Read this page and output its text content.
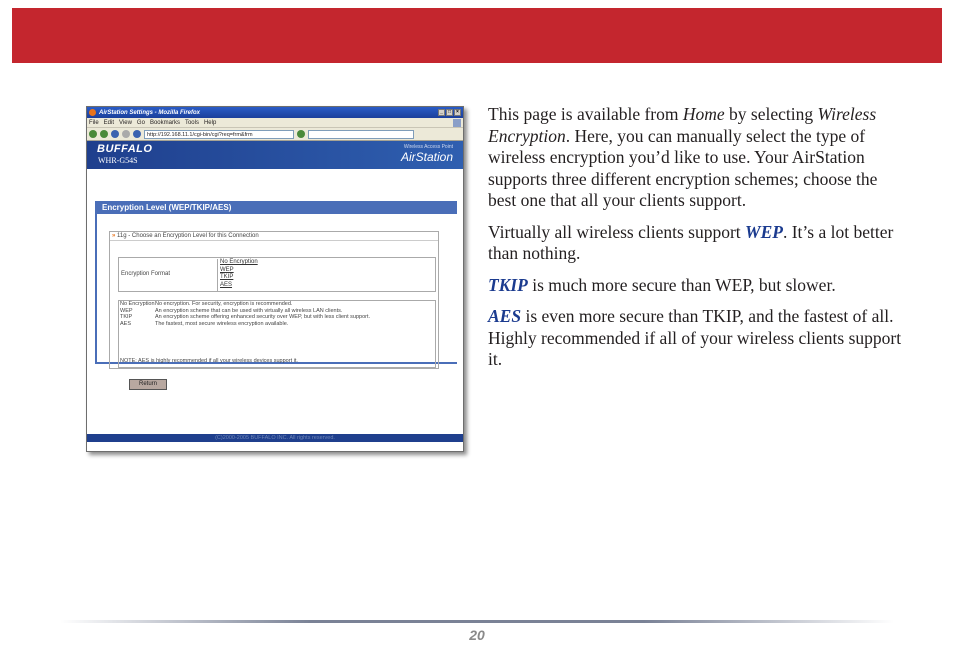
AirStation Settings - Mozilla Firefox	_	□	×
File Edit View Go Bookmarks Tools Help
http://192.168.11.1/cgi-bin/cgi?req=frm&frm
BUFFALO
WHR-G54S
Wireless Access Point
AirStation
Encryption Level (WEP/TKIP/AES)
» 11g - Choose an Encryption Level for this Connection
Encryption Format
No Encryption
WEP
TKIP
AES
No Encryption No encryption. For security, encryption is recommended.
WEP	An encryption scheme that can be used with virtually all wireless LAN clients.
TKIP	An encryption scheme offering enhanced security over WEP, but with less client support.
AES	The fastest, most secure wireless encryption available.
NOTE: AES is highly recommended if all your wireless devices support it.
Return
(C)2000-2005 BUFFALO INC. All rights reserved.

This page is available from Home by selecting Wireless Encryption. Here, you can manually select the type of wireless encryption you’d like to use. Your AirStation supports three different encryption schemes; choose the best one that all your clients support.

Virtually all wireless clients support WEP. It’s a lot better than nothing.

TKIP is much more secure than WEP, but slower.

AES is even more secure than TKIP, and the fastest of all. Highly recommended if all of your wireless clients support it.

20
